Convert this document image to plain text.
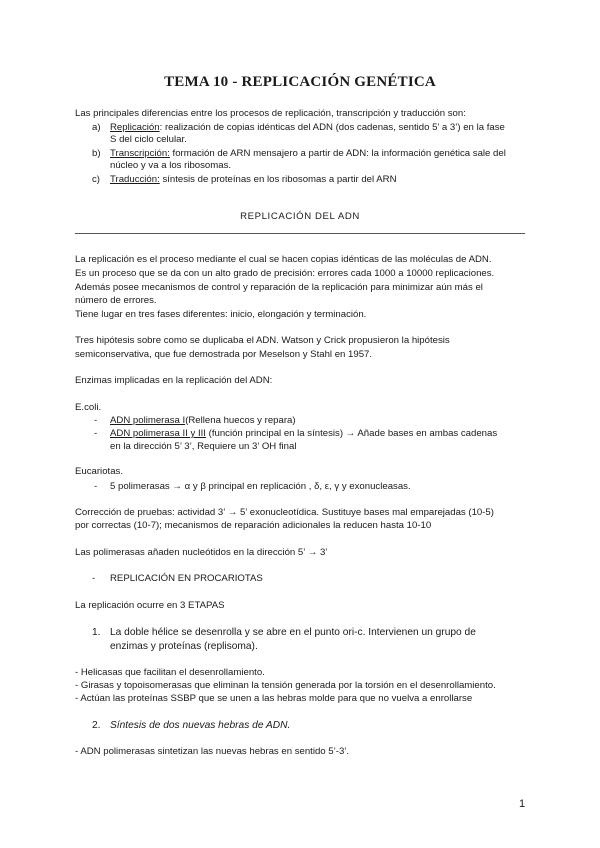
TEMA 10 - REPLICACIÓN GENÉTICA
Las principales diferencias entre los procesos de replicación, transcripción y traducción son:
a) Replicación: realización de copias idénticas del ADN (dos cadenas, sentido 5’ a 3’) en la fase
S del ciclo celular.
b) Transcripción: formación de ARN mensajero a partir de ADN: la información genética sale del
núcleo y va a los ribosomas.
c) Traducción: síntesis de proteínas en los ribosomas a partir del ARN
REPLICACIÓN DEL ADN
La replicación es el proceso mediante el cual se hacen copias idénticas de las moléculas de ADN.
Es un proceso que se da con un alto grado de precisión: errores cada 1000 a 10000 replicaciones.
Además posee mecanismos de control y reparación de la replicación para minimizar aún más el
número de errores.
Tiene lugar en tres fases diferentes: inicio, elongación y terminación.
Tres hipótesis sobre como se duplicaba el ADN. Watson y Crick propusieron la hipótesis
semiconservativa, que fue demostrada por Meselson y Stahl en 1957.
Enzimas implicadas en la replicación del ADN:
E.coli.
- ADN polimerasa I(Rellena huecos y repara)
- ADN polimerasa II y III (función principal en la síntesis) → Añade bases en ambas cadenas
en la dirección 5’ 3’, Requiere un 3’ OH final
Eucariotas.
- 5 polimerasas → α y β principal en replicación , δ, ε, γ y exonucleasas.
Corrección de pruebas: actividad 3’ → 5’ exonucleotídica. Sustituye bases mal emparejadas (10-5)
por correctas (10-7); mecanismos de reparación adicionales la reducen hasta 10-10
Las polimerasas añaden nucleótidos en la dirección 5’ → 3’
- REPLICACIÓN EN PROCARIOTAS
La replicación ocurre en 3 ETAPAS
1. La doble hélice se desenrolla y se abre en el punto ori-c. Intervienen un grupo de
enzimas y proteínas (replisoma).
- Helicasas que facilitan el desenrollamiento.
- Girasas y topoisomerasas que eliminan la tensión generada por la torsión en el desenrollamiento.
- Actúan las proteínas SSBP que se unen a las hebras molde para que no vuelva a enrollarse
2. Síntesis de dos nuevas hebras de ADN.
- ADN polimerasas sintetizan las nuevas hebras en sentido 5’-3’.
1
